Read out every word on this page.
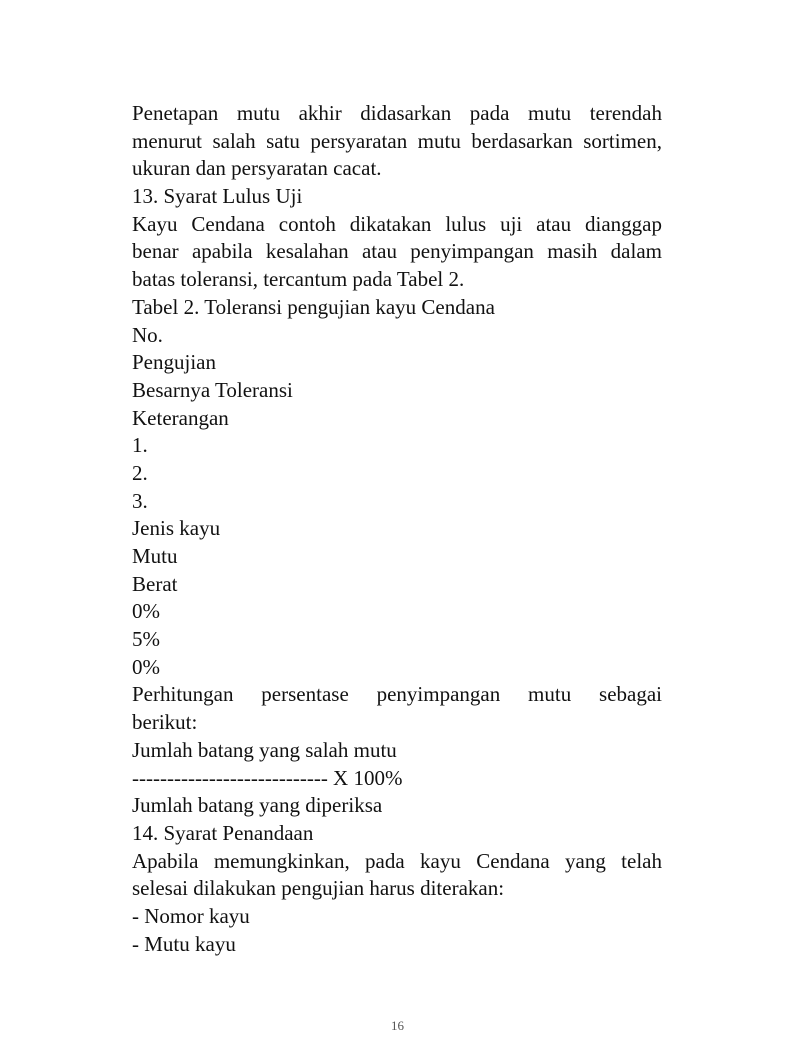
Penetapan mutu akhir didasarkan pada mutu terendah
menurut salah satu persyaratan mutu berdasarkan sortimen,
ukuran dan persyaratan cacat.
13. Syarat Lulus Uji
Kayu Cendana contoh dikatakan lulus uji atau dianggap
benar apabila kesalahan atau penyimpangan masih dalam
batas toleransi, tercantum pada Tabel 2.
Tabel 2. Toleransi pengujian kayu Cendana
No.
Pengujian
Besarnya Toleransi
Keterangan
1.
2.
3.
Jenis kayu
Mutu
Berat
0%
5%
0%
Perhitungan persentase penyimpangan mutu sebagai
berikut:
Jumlah batang yang salah mutu
---------------------------- X 100%
Jumlah batang yang diperiksa
14. Syarat Penandaan
Apabila memungkinkan, pada kayu Cendana yang telah
selesai dilakukan pengujian harus diterakan:
- Nomor kayu
- Mutu kayu
16
